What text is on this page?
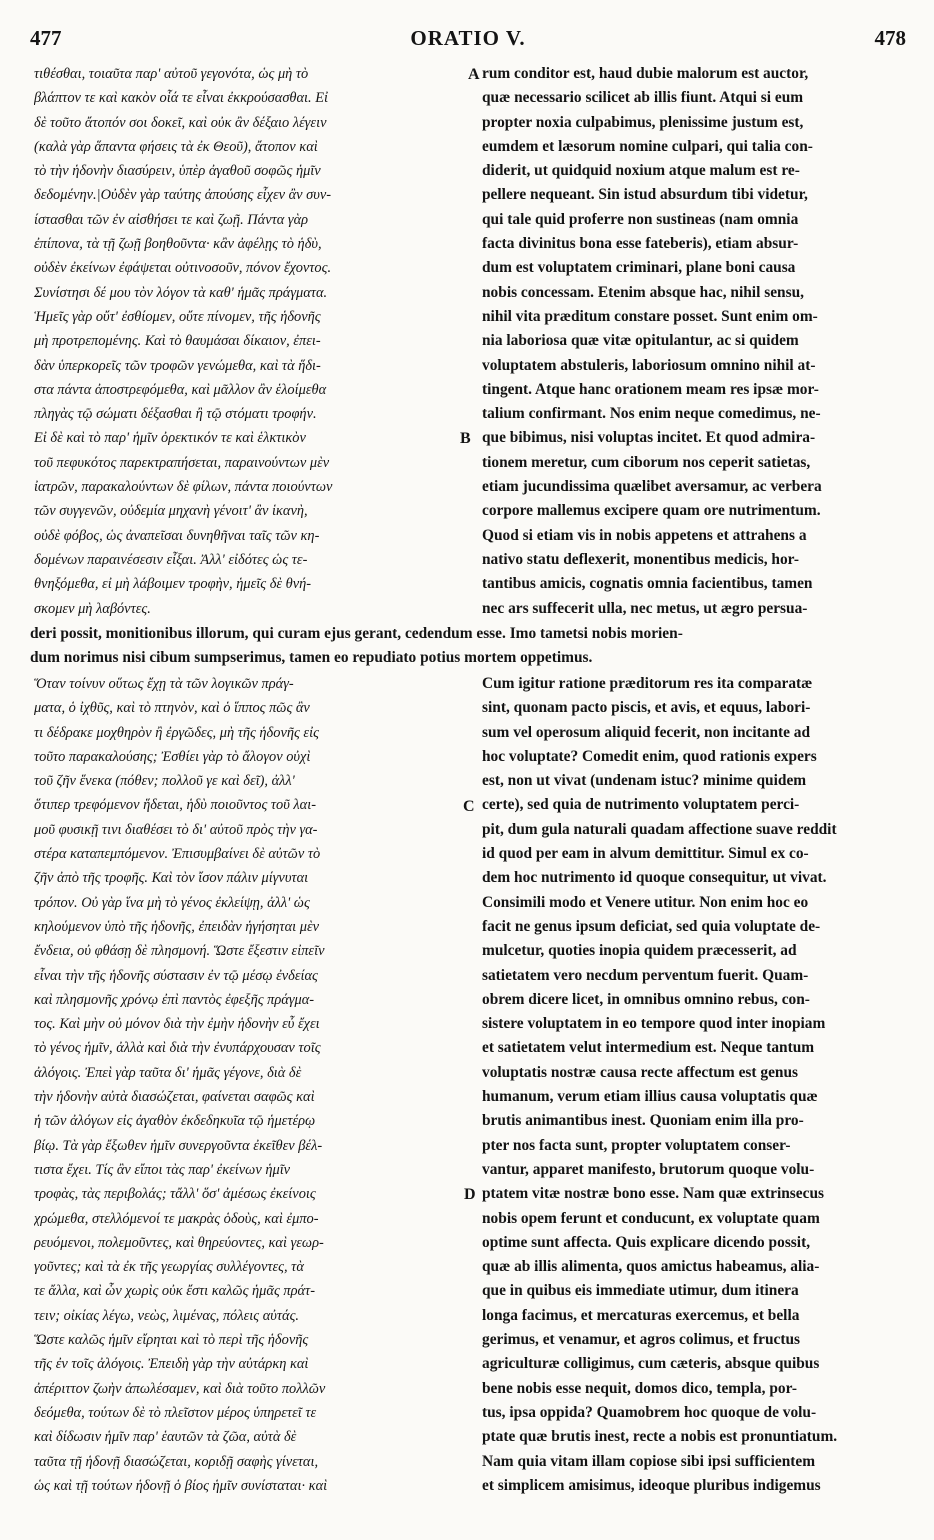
477	ORATIO V.	478
τιθέσθαι, τοιαῦτα παρ' αὐτοῦ γεγονότα, ὡς μὴ τὸ
βλάπτον τε καὶ κακὸν οἷά τε εἶναι ἐκκρούσασθαι. Εἰ
δὲ τοῦτο ἄτοπόν σοι δοκεῖ, καὶ οὐκ ἂν δέξαιο λέγειν
(καλὰ γὰρ ἅπαντα φήσεις τὰ ἐκ Θεοῦ), ἄτοπον καὶ
τὸ τὴν ἡδονὴν διασύρειν, ὑπὲρ ἀγαθοῦ σοφῶς ἡμῖν
δεδομένην.|Οὐδὲν γὰρ ταύτης ἀπούσης εἶχεν ἂν συν-
ίστασθαι τῶν ἐν αἰσθήσει τε καὶ ζωῇ. Πάντα γὰρ
ἐπίπονα, τὰ τῇ ζωῇ βοηθοῦντα· κἂν ἀφέλῃς τὸ ἡδὺ,
οὐδὲν ἐκείνων ἐφάψεται οὐτινοσοῦν, πόνον ἔχοντος.
Συνίστησι δέ μου τὸν λόγον τὰ καθ' ἡμᾶς πράγματα.
Ἡμεῖς γὰρ οὔτ' ἐσθίομεν, οὔτε πίνομεν, τῆς ἡδονῆς
μὴ προτρεπομένης. Καὶ τὸ θαυμάσαι δίκαιον, ἐπει-
δὰν ὑπερκορεῖς τῶν τροφῶν γενώμεθα, καὶ τὰ ἥδι-
στα πάντα ἀποστρεφόμεθα, καὶ μᾶλλον ἂν ἑλοίμεθα
πληγὰς τῷ σώματι δέξασθαι ἢ τῷ στόματι τροφήν.
Εἰ δὲ καὶ τὸ παρ' ἡμῖν ὀρεκτικόν τε καὶ ἑλκτικὸν
τοῦ πεφυκότος παρεκτραπήσεται, παραινούντων μὲν
ἰατρῶν, παρακαλούντων δὲ φίλων, πάντα ποιούντων
τῶν συγγενῶν, οὐδεμία μηχανὴ γένοιτ' ἂν ἱκανὴ,
οὐδὲ φόβος, ὡς ἀναπεῖσαι δυνηθῆναι ταῖς τῶν κη-
δομένων παραινέσεσιν εἶξαι. Ἀλλ' εἰδότες ὡς τε-
θνηξόμεθα, εἰ μὴ λάβοιμεν τροφὴν, ἡμεῖς δὲ θνή-
σκομεν μὴ λαβόντες.
rum conditor est, haud dubie malorum est auctor,
quæ necessario scilicet ab illis fiunt. Atqui si eum
propter noxia culpabimus, plenissime justum est,
eumdem et læsorum nomine culpari, qui talia con-
diderit, ut quidquid noxium atque malum est re-
pellere nequeant. Sin istud absurdum tibi videtur,
qui tale quid proferre non sustineas (nam omnia
facta divinitus bona esse fateberis), etiam absur-
dum est voluptatem criminari, plane boni causa
nobis concessam. Etenim absque hac, nihil sensu,
nihil vita præditum constare posset. Sunt enim om-
nia laboriosa quæ vitæ opitulantur, ac si quidem
voluptatem abstuleris, laboriosum omnino nihil at-
tingent. Atque hanc orationem meam res ipsæ mor-
talium confirmant. Nos enim neque comedimus, ne-
que bibimus, nisi voluptas incitet. Et quod admira-
tionem meretur, cum ciborum nos ceperit satietas,
etiam jucundissima quælibet aversamur, ac verbera
corpore mallemus excipere quam ore nutrimentum.
Quod si etiam vis in nobis appetens et attrahens a
nativo statu deflexerit, monentibus medicis, hor-
tantibus amicis, cognatis omnia facientibus, tamen
nec ars suffecerit ulla, nec metus, ut ægro persua-
deri possit, monitionibus illorum, qui curam ejus gerant, cedendum esse. Imo tametsi nobis morien-
dum norimus nisi cibum sumpserimus, tamen eo repudiato potius mortem oppetimus.
Ὅταν τοίνυν οὕτως ἔχῃ τὰ τῶν λογικῶν πράγ-
ματα, ὁ ἰχθῦς, καὶ τὸ πτηνὸν, καὶ ὁ ἵππος πῶς ἂν
τι δέδρακε μοχθηρὸν ἢ ἐργῶδες, μὴ τῆς ἡδονῆς εἰς
τοῦτο παρακαλούσης; Ἐσθίει γὰρ τὸ ἄλογον οὐχὶ
τοῦ ζῆν ἕνεκα (πόθεν; πολλοῦ γε καὶ δεῖ), ἀλλ'
ὅτιπερ τρεφόμενον ἥδεται, ἡδὺ ποιοῦντος τοῦ λαι-
μοῦ φυσικῇ τινι διαθέσει τὸ δι' αὐτοῦ πρὸς τὴν γα-
στέρα καταπεμπόμενον. Ἐπισυμβαίνει δὲ αὐτῶν τὸ
ζῆν ἀπὸ τῆς τροφῆς. Καὶ τὸν ἴσον πάλιν μίγνυται
τρόπον. Οὐ γὰρ ἵνα μὴ τὸ γένος ἐκλείψῃ, ἀλλ' ὡς
κηλούμενον ὑπὸ τῆς ἡδονῆς, ἐπειδὰν ἡγήσηται μὲν
ἔνδεια, οὐ φθάσῃ δὲ πλησμονή. Ὥστε ἔξεστιν εἰπεῖν
εἶναι τὴν τῆς ἡδονῆς σύστασιν ἐν τῷ μέσῳ ἐνδείας
καὶ πλησμονῆς χρόνῳ ἐπὶ παντὸς ἐφεξῆς πράγμα-
τος. Καὶ μὴν οὐ μόνον διὰ τὴν ἐμὴν ἡδονὴν εὖ ἔχει
τὸ γένος ἡμῖν, ἀλλὰ καὶ διὰ τὴν ἐνυπάρχουσαν τοῖς
ἀλόγοις. Ἐπεὶ γὰρ ταῦτα δι' ἡμᾶς γέγονε, διὰ δὲ
τὴν ἡδονὴν αὐτὰ διασώζεται, φαίνεται σαφῶς καὶ
ἡ τῶν ἀλόγων εἰς ἀγαθὸν ἐκδεδηκυῖα τῷ ἡμετέρῳ
βίῳ. Τὰ γὰρ ἔξωθεν ἡμῖν συνεργοῦντα ἐκεῖθεν βέλ-
τιστα ἔχει. Τίς ἂν εἴποι τὰς παρ' ἐκείνων ἡμῖν
τροφὰς, τὰς περιβολάς; τἄλλ' ὅσ' ἀμέσως ἐκείνοις
χρώμεθα, στελλόμενοί τε μακρὰς ὁδοὺς, καὶ ἐμπο-
ρευόμενοι, πολεμοῦντες, καὶ θηρεύοντες, καὶ γεωρ-
γοῦντες; καὶ τὰ ἐκ τῆς γεωργίας συλλέγοντες, τὰ
τε ἄλλα, καὶ ὧν χωρὶς οὐκ ἔστι καλῶς ἡμᾶς πράτ-
τειν; οἰκίας λέγω, νεὼς, λιμένας, πόλεις αὐτάς.
Ὥστε καλῶς ἡμῖν εἴρηται καὶ τὸ περὶ τῆς ἡδονῆς
τῆς ἐν τοῖς ἀλόγοις. Ἐπειδὴ γὰρ τὴν αὐτάρκη καὶ
ἀπέριττον ζωὴν ἀπωλέσαμεν, καὶ διὰ τοῦτο πολλῶν
δεόμεθα, τούτων δὲ τὸ πλεῖστον μέρος ὑπηρετεῖ τε
καὶ δίδωσιν ἡμῖν παρ' ἑαυτῶν τὰ ζῶα, αὐτὰ δὲ
ταῦτα τῇ ἡδονῇ διασώζεται, κοριδῇ σαφὴς γίνεται,
ὡς καὶ τῇ τούτων ἡδονῇ ὁ βίος ἡμῖν συνίσταται· καὶ
Cum igitur ratione præditorum res ita comparatæ
sint, quonam pacto piscis, et avis, et equus, labori-
sum vel operosum aliquid fecerit, non incitante ad
hoc voluptate? Comedit enim, quod rationis expers
est, non ut vivat (undenam istuc? minime quidem
certe), sed quia de nutrimento voluptatem perci-
pit, dum gula naturali quadam affectione suave reddit
id quod per eam in alvum demittitur. Simul ex co-
dem hoc nutrimento id quoque consequitur, ut vivat.
Consimili modo et Venere utitur. Non enim hoc eo
facit ne genus ipsum deficiat, sed quia voluptate de-
mulcetur, quoties inopia quidem præcesserit, ad
satietatem vero necdum perventum fuerit. Quam-
obrem dicere licet, in omnibus omnino rebus, con-
sistere voluptatem in eo tempore quod inter inopiam
et satietatem velut intermedium est. Neque tantum
voluptatis nostræ causa recte affectum est genus
humanum, verum etiam illius causa voluptatis quæ
brutis animantibus inest. Quoniam enim illa pro-
pter nos facta sunt, propter voluptatem conser-
vantur, apparet manifesto, brutorum quoque volu-
ptatem vitæ nostræ bono esse. Nam quæ extrinsecus
nobis opem ferunt et conducunt, ex voluptate quam
optime sunt affecta. Quis explicare dicendo possit,
quæ ab illis alimenta, quos amictus habeamus, alia-
que in quibus eis immediate utimur, dum itinera
longa facimus, et mercaturas exercemus, et bella
gerimus, et venamur, et agros colimus, et fructus
agriculturæ colligimus, cum cæteris, absque quibus
bene nobis esse nequit, domos dico, templa, por-
tus, ipsa oppida? Quamobrem hoc quoque de volu-
ptate quæ brutis inest, recte a nobis est pronuntiatum.
Nam quia vitam illam copiose sibi ipsi sufficientem
et simplicem amisimus, ideoque pluribus indigemus
A
B
C
D
